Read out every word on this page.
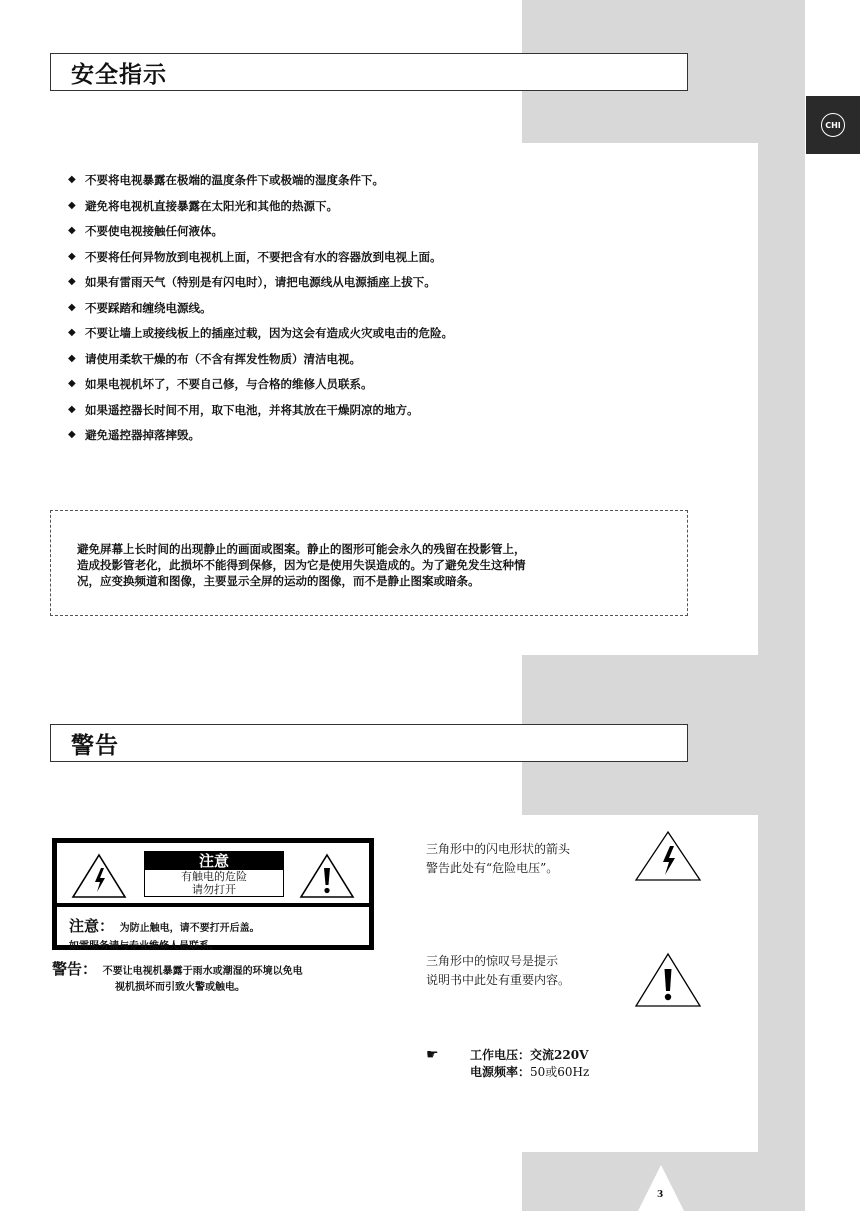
CHI
安全指示
◆ 不要将电视暴露在极端的温度条件下或极端的湿度条件下。
◆ 避免将电视机直接暴露在太阳光和其他的热源下。
◆ 不要使电视接触任何液体。
◆ 不要将任何异物放到电视机上面，不要把含有水的容器放到电视上面。
◆ 如果有雷雨天气（特别是有闪电时），请把电源线从电源插座上拔下。
◆ 不要踩踏和缠绕电源线。
◆ 不要让墙上或接线板上的插座过载，因为这会有造成火灾或电击的危险。
◆ 请使用柔软干燥的布（不含有挥发性物质）清洁电视。
◆ 如果电视机坏了，不要自己修，与合格的维修人员联系。
◆ 如果遥控器长时间不用，取下电池，并将其放在干燥阴凉的地方。
◆ 避免遥控器掉落摔毁。

避免屏幕上长时间的出现静止的画面或图案。静止的图形可能会永久的残留在投影管上，

造成投影管老化，此损坏不能得到保修，因为它是使用失误造成的。为了避免发生这种情

况，应变换频道和图像，主要显示全屏的运动的图像，而不是静止图案或暗条。

警告
注意
有触电的危险
请勿打开
注意： 为防止触电，请不要打开后盖。
如需服务请与专业维修人员联系。
警告： 不要让电视机暴露于雨水或潮湿的环境以免电
视机损坏而引致火警或触电。
三角形中的闪电形状的箭头
警告此处有“危险电压”。
三角形中的惊叹号是提示
说明书中此处有重要内容。
☛	工作电压：交流220V
电源频率：50或60Hz
3
